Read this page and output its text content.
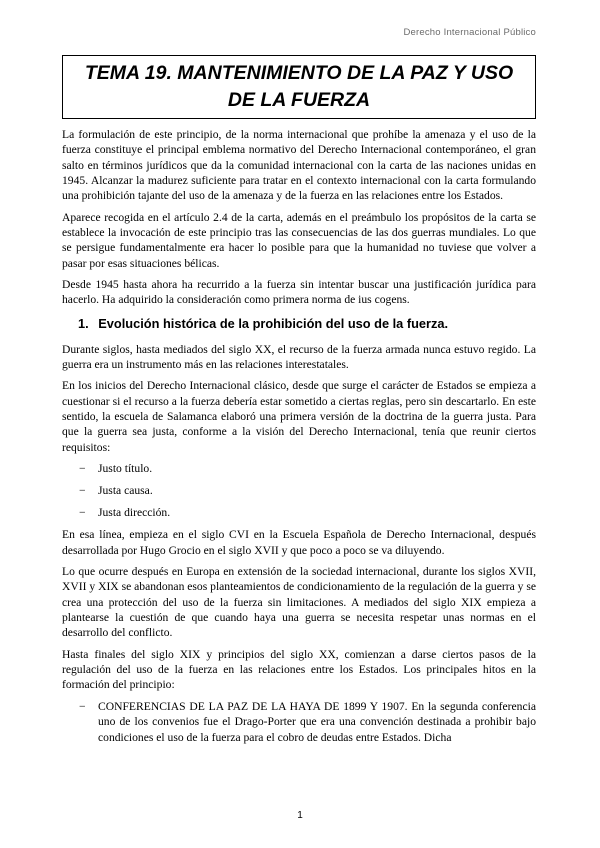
Derecho Internacional Público
TEMA 19. MANTENIMIENTO DE LA PAZ Y USO DE LA FUERZA

La formulación de este principio, de la norma internacional que prohíbe la amenaza y el uso de la fuerza constituye el principal emblema normativo del Derecho Internacional contemporáneo, el gran salto en términos jurídicos que da la comunidad internacional con la carta de las naciones unidas en 1945. Alcanzar la madurez suficiente para tratar en el contexto internacional con la carta formulando una prohibición tajante del uso de la amenaza y de la fuerza en las relaciones entre los Estados.

Aparece recogida en el artículo 2.4 de la carta, además en el preámbulo los propósitos de la carta se establece la invocación de este principio tras las consecuencias de las dos guerras mundiales. Lo que se persigue fundamentalmente era hacer lo posible para que la humanidad no tuviese que volver a pasar por esas situaciones bélicas.

Desde 1945 hasta ahora ha recurrido a la fuerza sin intentar buscar una justificación jurídica para hacerlo. Ha adquirido la consideración como primera norma de ius cogens.

1. Evolución histórica de la prohibición del uso de la fuerza.

Durante siglos, hasta mediados del siglo XX, el recurso de la fuerza armada nunca estuvo regido. La guerra era un instrumento más en las relaciones interestatales.

En los inicios del Derecho Internacional clásico, desde que surge el carácter de Estados se empieza a cuestionar si el recurso a la fuerza debería estar sometido a ciertas reglas, pero sin descartarlo. En este sentido, la escuela de Salamanca elaboró una primera versión de la doctrina de la guerra justa. Para que la guerra sea justa, conforme a la visión del Derecho Internacional, tenía que reunir ciertos requisitos:

− Justo título.
− Justa causa.
− Justa dirección.

En esa línea, empieza en el siglo CVI en la Escuela Española de Derecho Internacional, después desarrollada por Hugo Grocio en el siglo XVII y que poco a poco se va diluyendo.

Lo que ocurre después en Europa en extensión de la sociedad internacional, durante los siglos XVII, XVII y XIX se abandonan esos planteamientos de condicionamiento de la regulación de la guerra y se crea una protección del uso de la fuerza sin limitaciones. A mediados del siglo XIX empieza a plantearse la cuestión de que cuando haya una guerra se necesita respetar unas normas en el desarrollo del conflicto.

Hasta finales del siglo XIX y principios del siglo XX, comienzan a darse ciertos pasos de la regulación del uso de la fuerza en las relaciones entre los Estados. Los principales hitos en la formación del principio:

− CONFERENCIAS DE LA PAZ DE LA HAYA DE 1899 Y 1907. En la segunda conferencia uno de los convenios fue el Drago-Porter que era una convención destinada a prohibir bajo condiciones el uso de la fuerza para el cobro de deudas entre Estados. Dicha
1
